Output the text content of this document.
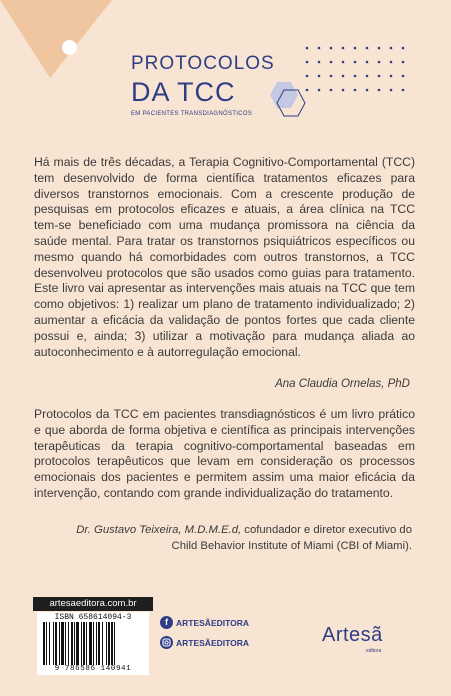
PROTOCOLOS
DA TCC
EM PACIENTES TRANSDIAGNÓSTICOS

Há mais de três décadas, a Terapia Cognitivo-Comportamental (TCC) tem desenvolvido de forma científica tratamentos eficazes para diversos transtornos emocionais. Com a crescente produção de pesquisas em protocolos eficazes e atuais, a área clínica na TCC tem-se beneficiado com uma mudança promissora na ciência da saúde mental. Para tratar os transtornos psiquiátricos específicos ou mesmo quando há comorbidades com outros transtornos, a TCC desenvolveu protocolos que são usados como guias para tratamento. Este livro vai apresentar as intervenções mais atuais na TCC que tem como objetivos: 1) realizar um plano de tratamento individualizado; 2) aumentar a eficácia da validação de pontos fortes que cada cliente possui e, ainda; 3) utilizar a motivação para mudança aliada ao autoconhecimento e à autorregulação emocional.

Ana Claudia Ornelas, PhD

Protocolos da TCC em pacientes transdiagnósticos é um livro prático e que aborda de forma objetiva e científica as principais intervenções terapêuticas da terapia cognitivo-comportamental baseadas em protocolos terapêuticos que levam em consideração os processos emocionais dos pacientes e permitem assim uma maior eficácia da intervenção, contando com grande individualização do tratamento.

Dr. Gustavo Teixeira, M.D.M.E.d, cofundador e diretor executivo do
Child Behavior Institute of Miami (CBI of Miami).
artesaeditora.com.br
ISBN 658614094-3
9 786586 140941
f ARTESÃEDITORA
ARTESÃEDITORA	Artesã
editora
